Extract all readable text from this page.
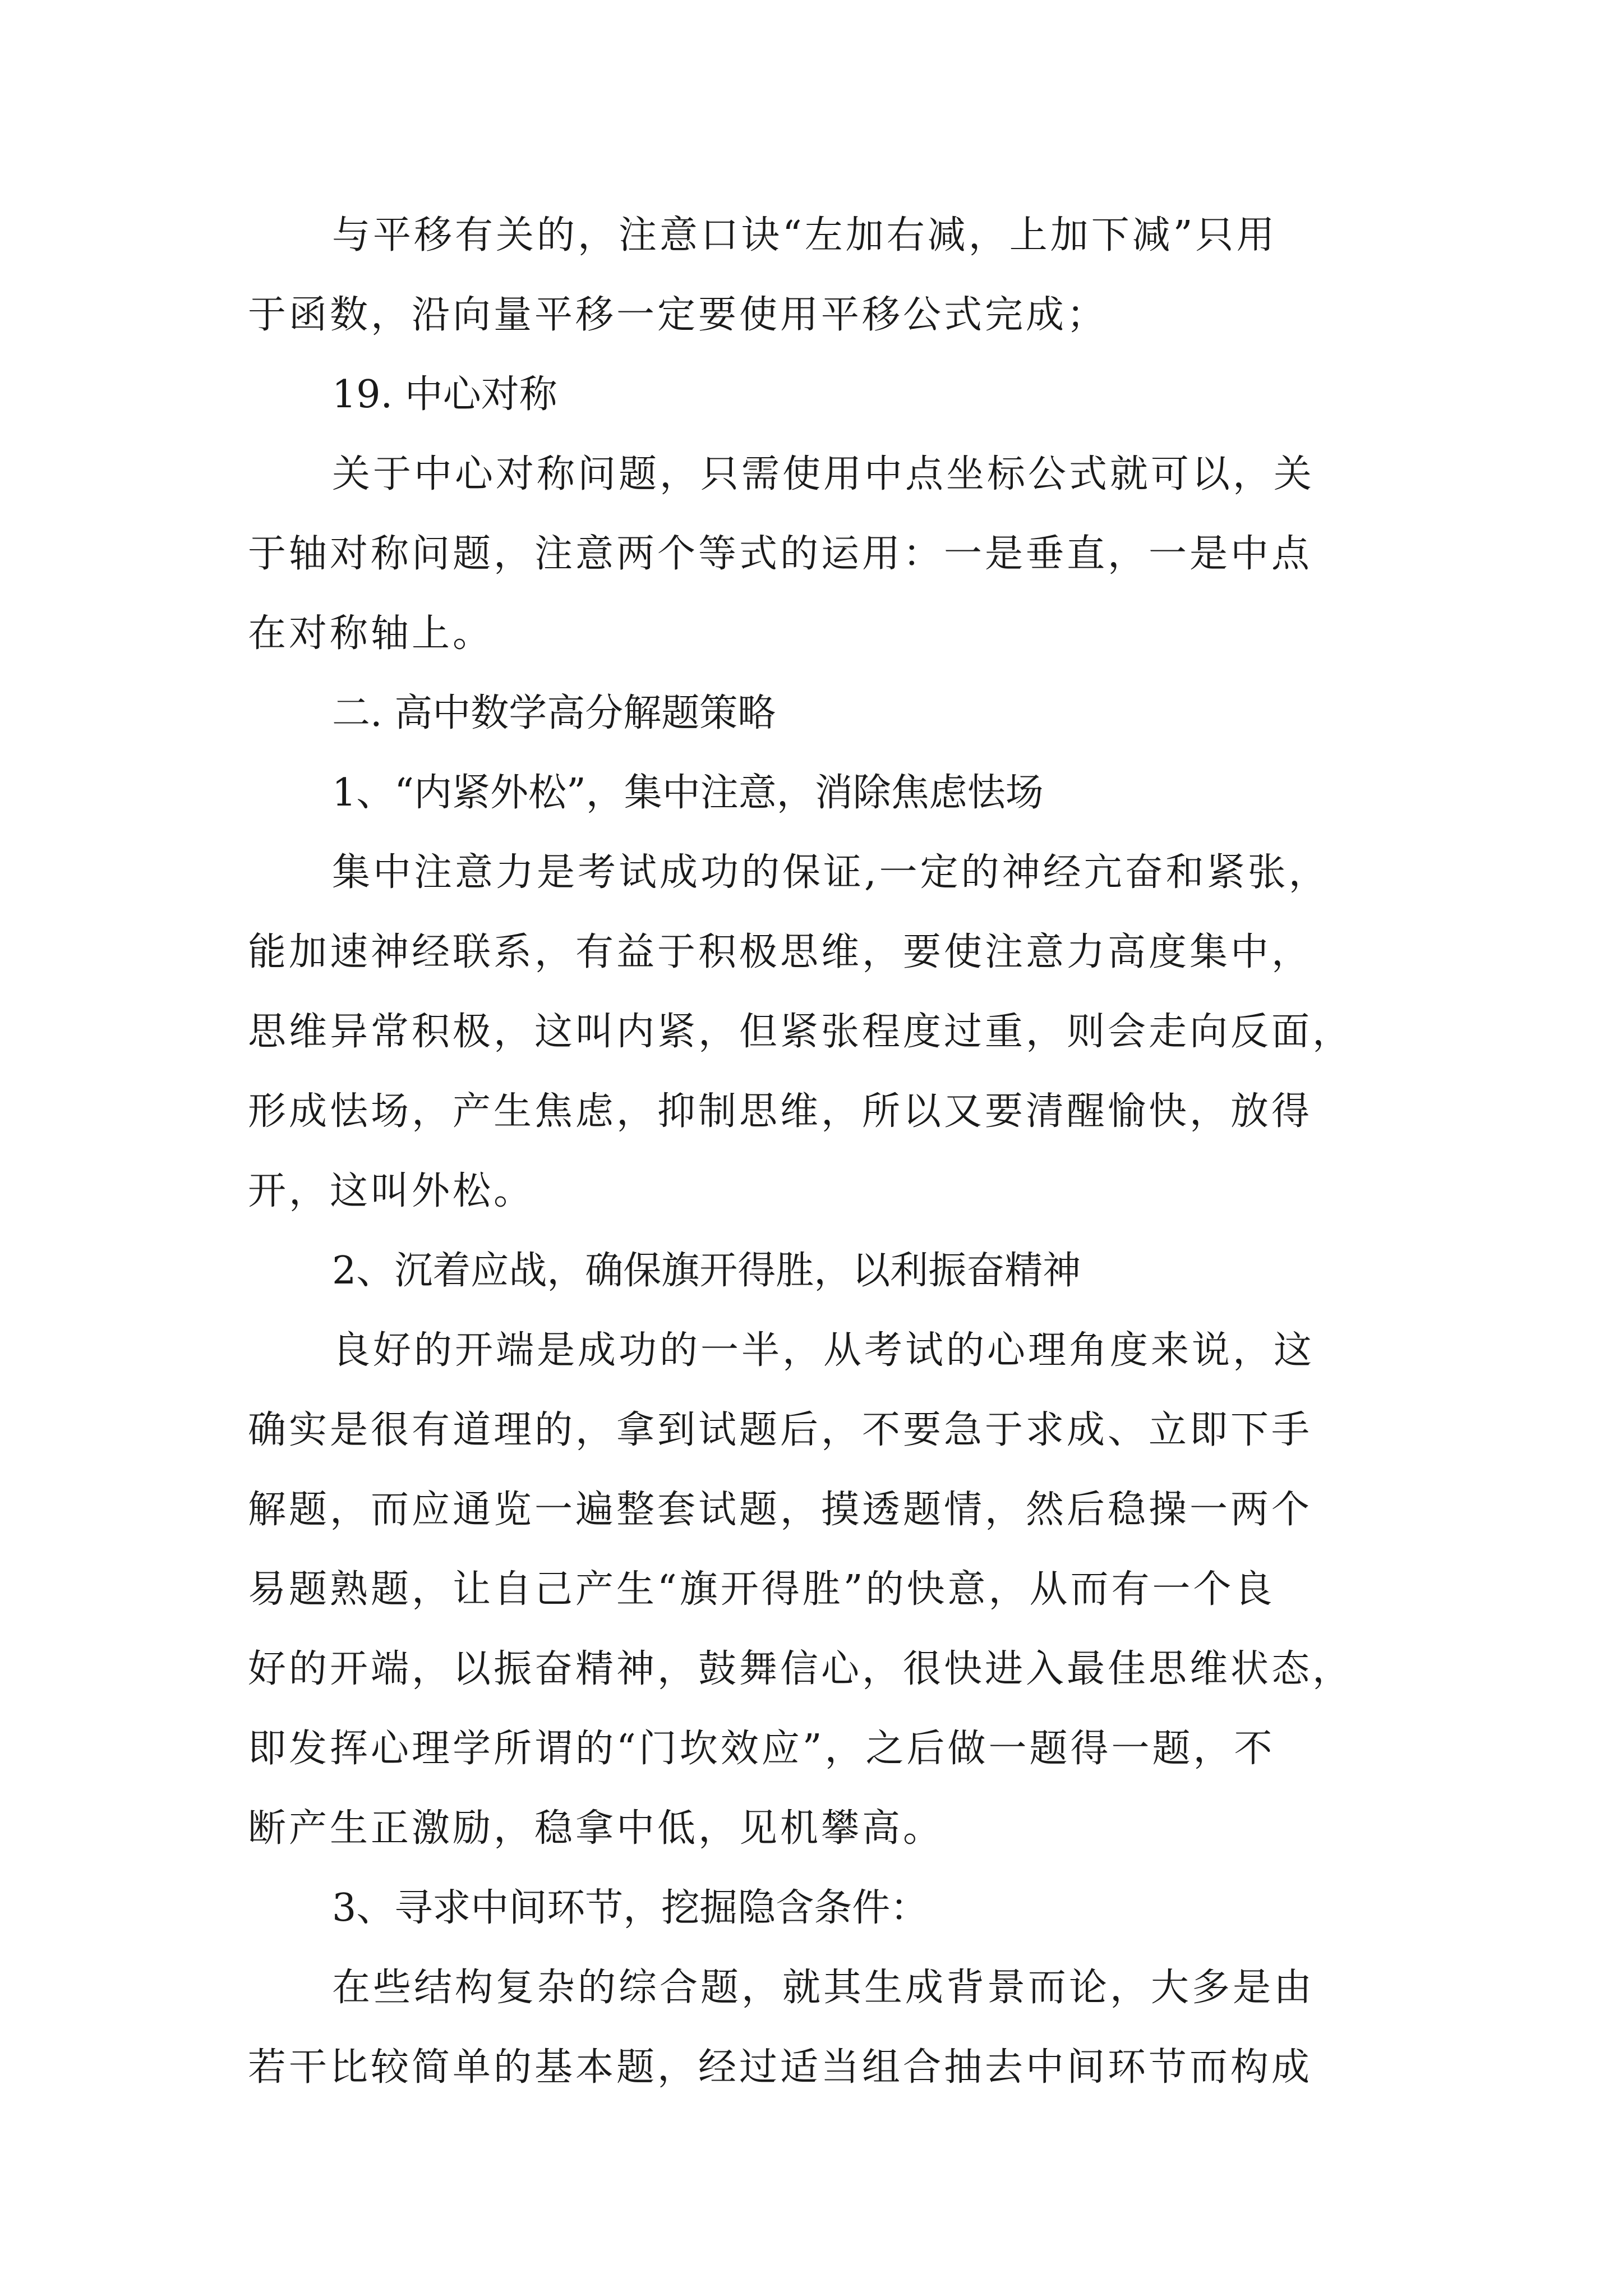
与平移有关的，注意口诀“左加右减，上加下减”只用
于函数，沿向量平移一定要使用平移公式完成；
19. 中心对称
关于中心对称问题，只需使用中点坐标公式就可以，关
于轴对称问题，注意两个等式的运用：一是垂直，一是中点
在对称轴上。
二. 高中数学高分解题策略
1、“内紧外松”，集中注意，消除焦虑怯场
集中注意力是考试成功的保证,一定的神经亢奋和紧张，
能加速神经联系，有益于积极思维，要使注意力高度集中，
思维异常积极，这叫内紧，但紧张程度过重，则会走向反面，
形成怯场，产生焦虑，抑制思维，所以又要清醒愉快，放得
开，这叫外松。
2、沉着应战，确保旗开得胜，以利振奋精神
良好的开端是成功的一半，从考试的心理角度来说，这
确实是很有道理的，拿到试题后，不要急于求成、立即下手
解题，而应通览一遍整套试题，摸透题情，然后稳操一两个
易题熟题，让自己产生“旗开得胜”的快意，从而有一个良
好的开端，以振奋精神，鼓舞信心，很快进入最佳思维状态，
即发挥心理学所谓的“门坎效应”，之后做一题得一题，不
断产生正激励，稳拿中低，见机攀高。
3、寻求中间环节，挖掘隐含条件：
在些结构复杂的综合题，就其生成背景而论，大多是由
若干比较简单的基本题，经过适当组合抽去中间环节而构成
